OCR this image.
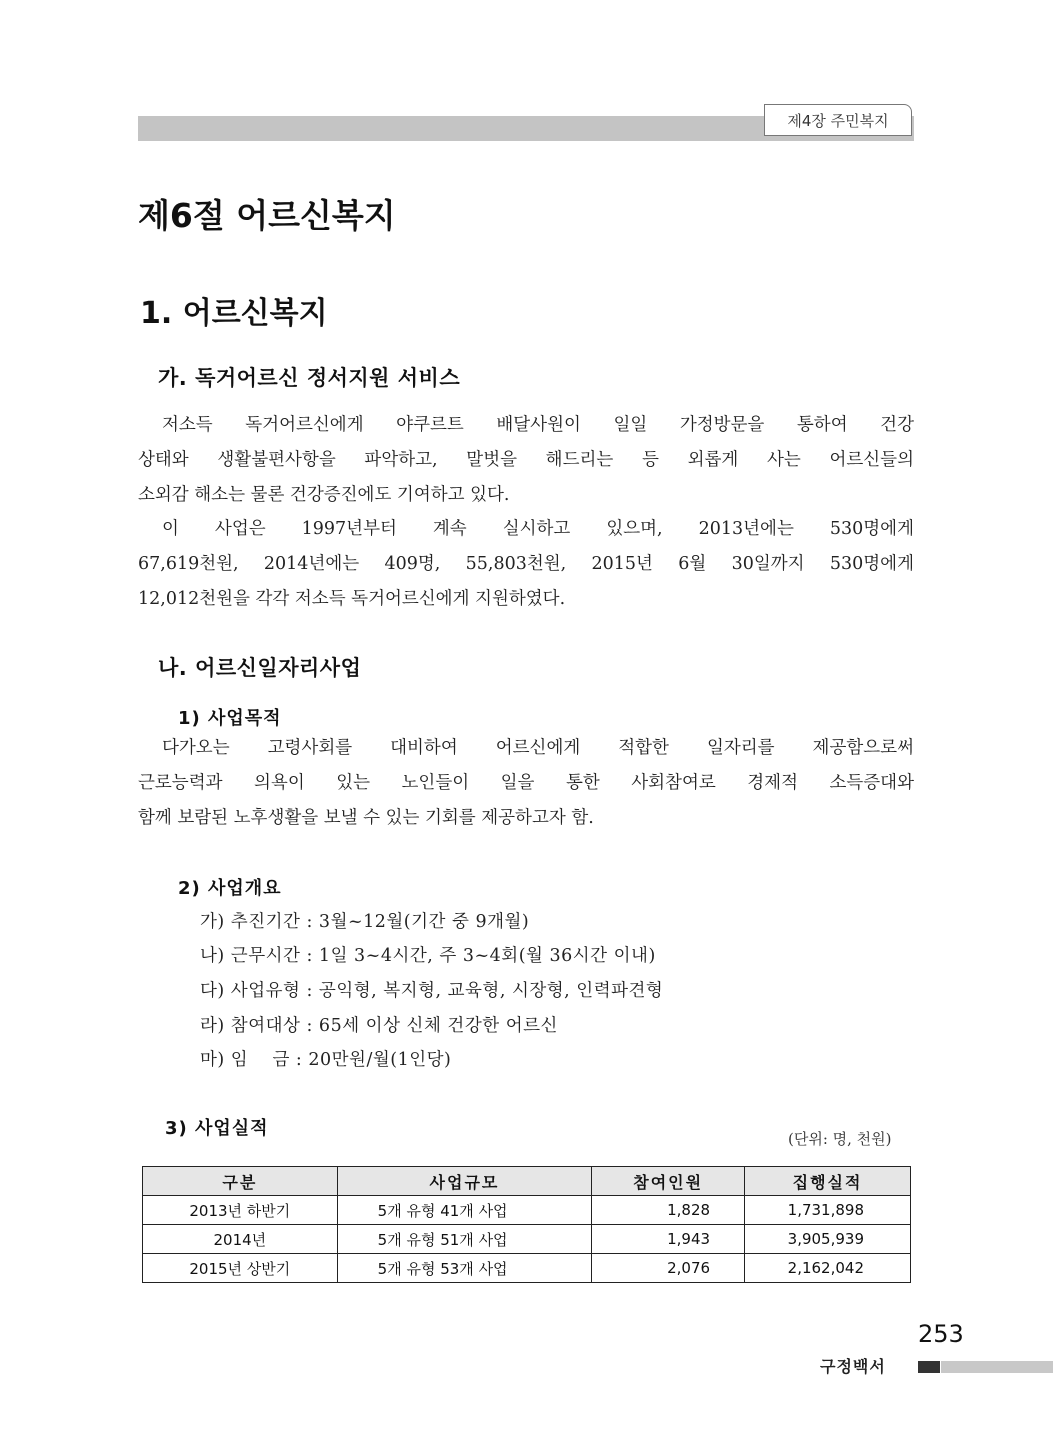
제4장 주민복지
제6절 어르신복지
1. 어르신복지
가. 독거어르신 정서지원 서비스
저소득 독거어르신에게 야쿠르트 배달사원이 일일 가정방문을 통하여 건강
상태와 생활불편사항을 파악하고, 말벗을 해드리는 등 외롭게 사는 어르신들의
소외감 해소는 물론 건강증진에도 기여하고 있다.
이 사업은 1997년부터 계속 실시하고 있으며, 2013년에는 530명에게
67,619천원, 2014년에는 409명, 55,803천원, 2015년 6월 30일까지 530명에게
12,012천원을 각각 저소득 독거어르신에게 지원하였다.
나. 어르신일자리사업
1) 사업목적
다가오는 고령사회를 대비하여 어르신에게 적합한 일자리를 제공함으로써
근로능력과 의욕이 있는 노인들이 일을 통한 사회참여로 경제적 소득증대와
함께 보람된 노후생활을 보낼 수 있는 기회를 제공하고자 함.
2) 사업개요
가) 추진기간 : 3월~12월(기간 중 9개월)
나) 근무시간 : 1일 3~4시간, 주 3~4회(월 36시간 이내)
다) 사업유형 : 공익형, 복지형, 교육형, 시장형, 인력파견형
라) 참여대상 : 65세 이상 신체 건강한 어르신
마) 임    금 : 20만원/월(1인당)
3) 사업실적	(단위: 명, 천원)
구분	사업규모	참여인원	집행실적
2013년 하반기	5개 유형 41개 사업	1,828	1,731,898
2014년	5개 유형 51개 사업	1,943	3,905,939
2015년 상반기	5개 유형 53개 사업	2,076	2,162,042
253
구정백서
